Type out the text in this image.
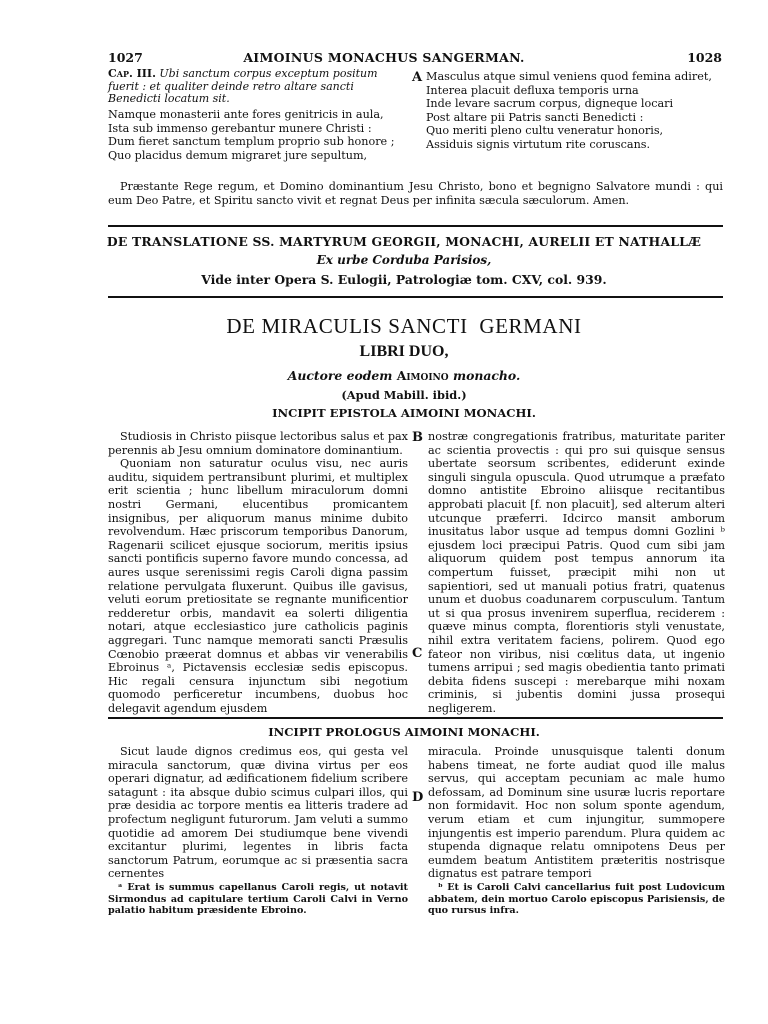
1027	AIMOINUS MONACHUS SANGERMAN.	1028
Cap. III. Ubi sanctum corpus exceptum positum fuerit : et qualiter deinde retro altare sancti Benedicti locatum sit.
A
Namque monasterii ante fores genitricis in aula,
Ista sub immenso gerebantur munere Christi :
Dum fieret sanctum templum proprio sub honore ;
Quo placidus demum migraret jure sepultum,
Masculus atque simul veniens quod femina adiret,
Interea placuit defluxa temporis urna
Inde levare sacrum corpus, digneque locari
Post altare pii Patris sancti Benedicti :
Quo meriti pleno cultu veneratur honoris,
Assiduis signis virtutum rite coruscans.

Præstante Rege regum, et Domino dominantium Jesu Christo, bono et begnigno Salvatore mundi : qui eum Deo Patre, et Spiritu sancto vivit et regnat Deus per infinita sæcula sæculorum. Amen.

DE TRANSLATIONE SS. MARTYRUM GEORGII, MONACHI, AURELII ET NATHALLÆ
Ex urbe Corduba Parisios,
Vide inter Opera S. Eulogii, Patrologiæ tom. CXV, col. 939.
DE MIRACULIS SANCTI  GERMANI
LIBRI DUO,
Auctore eodem Aimoino monacho.
(Apud Mabill. ibid.)
INCIPIT EPISTOLA AIMOINI MONACHI.

Studiosis in Christo piisque lectoribus salus et pax perennis ab Jesu omnium dominatore dominantium.

Quoniam non saturatur oculus visu, nec auris auditu, siquidem pertransibunt plurimi, et multiplex erit scientia ; hunc libellum miraculorum domni nostri Germani, elucentibus promicantem insignibus, per aliquorum manus minime dubito revolvendum. Hæc priscorum temporibus Danorum, Ragenarii scilicet ejusque sociorum, meritis ipsius sancti pontificis superno favore mundo concessa, ad aures usque serenissimi regis Caroli digna passim relatione pervulgata fluxerunt. Quibus ille gavisus, veluti eorum pretiositate se regnante munificentior redderetur orbis, mandavit ea solerti diligentia notari, atque ecclesiastico jure catholicis paginis aggregari. Tunc namque memorati sancti Præsulis Cœnobio præerat domnus et abbas vir venerabilis Ebroinus ᵃ, Pictavensis ecclesiæ sedis episcopus. Hic regali censura injunctum sibi negotium quomodo perficeretur incumbens, duobus hoc delegavit agendum ejusdem

B
C

nostræ congregationis fratribus, maturitate pariter ac scientia provectis : qui pro sui quisque sensus ubertate seorsum scribentes, ediderunt exinde singuli singula opuscula. Quod utrumque a præfato domno antistite Ebroino aliisque recitantibus approbati placuit [f. non placuit], sed alterum alteri utcunque præferri. Idcirco mansit amborum inusitatus labor usque ad tempus domni Gozlini ᵇ ejusdem loci præcipui Patris. Quod cum sibi jam aliquorum quidem post tempus annorum ita compertum fuisset, præcipit mihi non ut sapientiori, sed ut manuali potius fratri, quatenus unum et duobus coadunarem corpusculum. Tantum ut si qua prosus invenirem superflua, reciderem : quæve minus compta, florentioris styli venustate, nihil extra veritatem faciens, polirem. Quod ego fateor non viribus, nisi cœlitus data, ut ingenio tumens arripui ; sed magis obedientia tanto primati debita fidens suscepi : merebarque mihi noxam criminis, si jubentis domini jussa prosequi negligerem.

INCIPIT PROLOGUS AIMOINI MONACHI.

Sicut laude dignos credimus eos, qui gesta vel miracula sanctorum, quæ divina virtus per eos operari dignatur, ad ædificationem fidelium scribere satagunt : ita absque dubio scimus culpari illos, qui præ desidia ac torpore mentis ea litteris tradere ad profectum negligunt futurorum. Jam veluti a summo quotidie ad amorem Dei studiumque bene vivendi excitantur plurimi, legentes in libris facta sanctorum Patrum, eorumque ac si præsentia sacra cernentes

D

miracula. Proinde unusquisque talenti donum habens timeat, ne forte audiat quod ille malus servus, qui acceptam pecuniam ac male humo defossam, ad Dominum sine usuræ lucris reportare non formidavit. Hoc non solum sponte agendum, verum etiam et cum injungitur, summopere injungentis est imperio parendum. Plura quidem ac stupenda dignaque relatu omnipotens Deus per eumdem beatum Antistitem præteritis nostrisque dignatus est patrare tempori

ᵃ Erat is summus capellanus Caroli regis, ut notavit Sirmondus ad capitulare tertium Caroli Calvi in Verno palatio habitum præsidente Ebroino.
ᵇ Et is Caroli Calvi cancellarius fuit post Ludovicum abbatem, dein mortuo Carolo episcopus Parisiensis, de quo rursus infra.
